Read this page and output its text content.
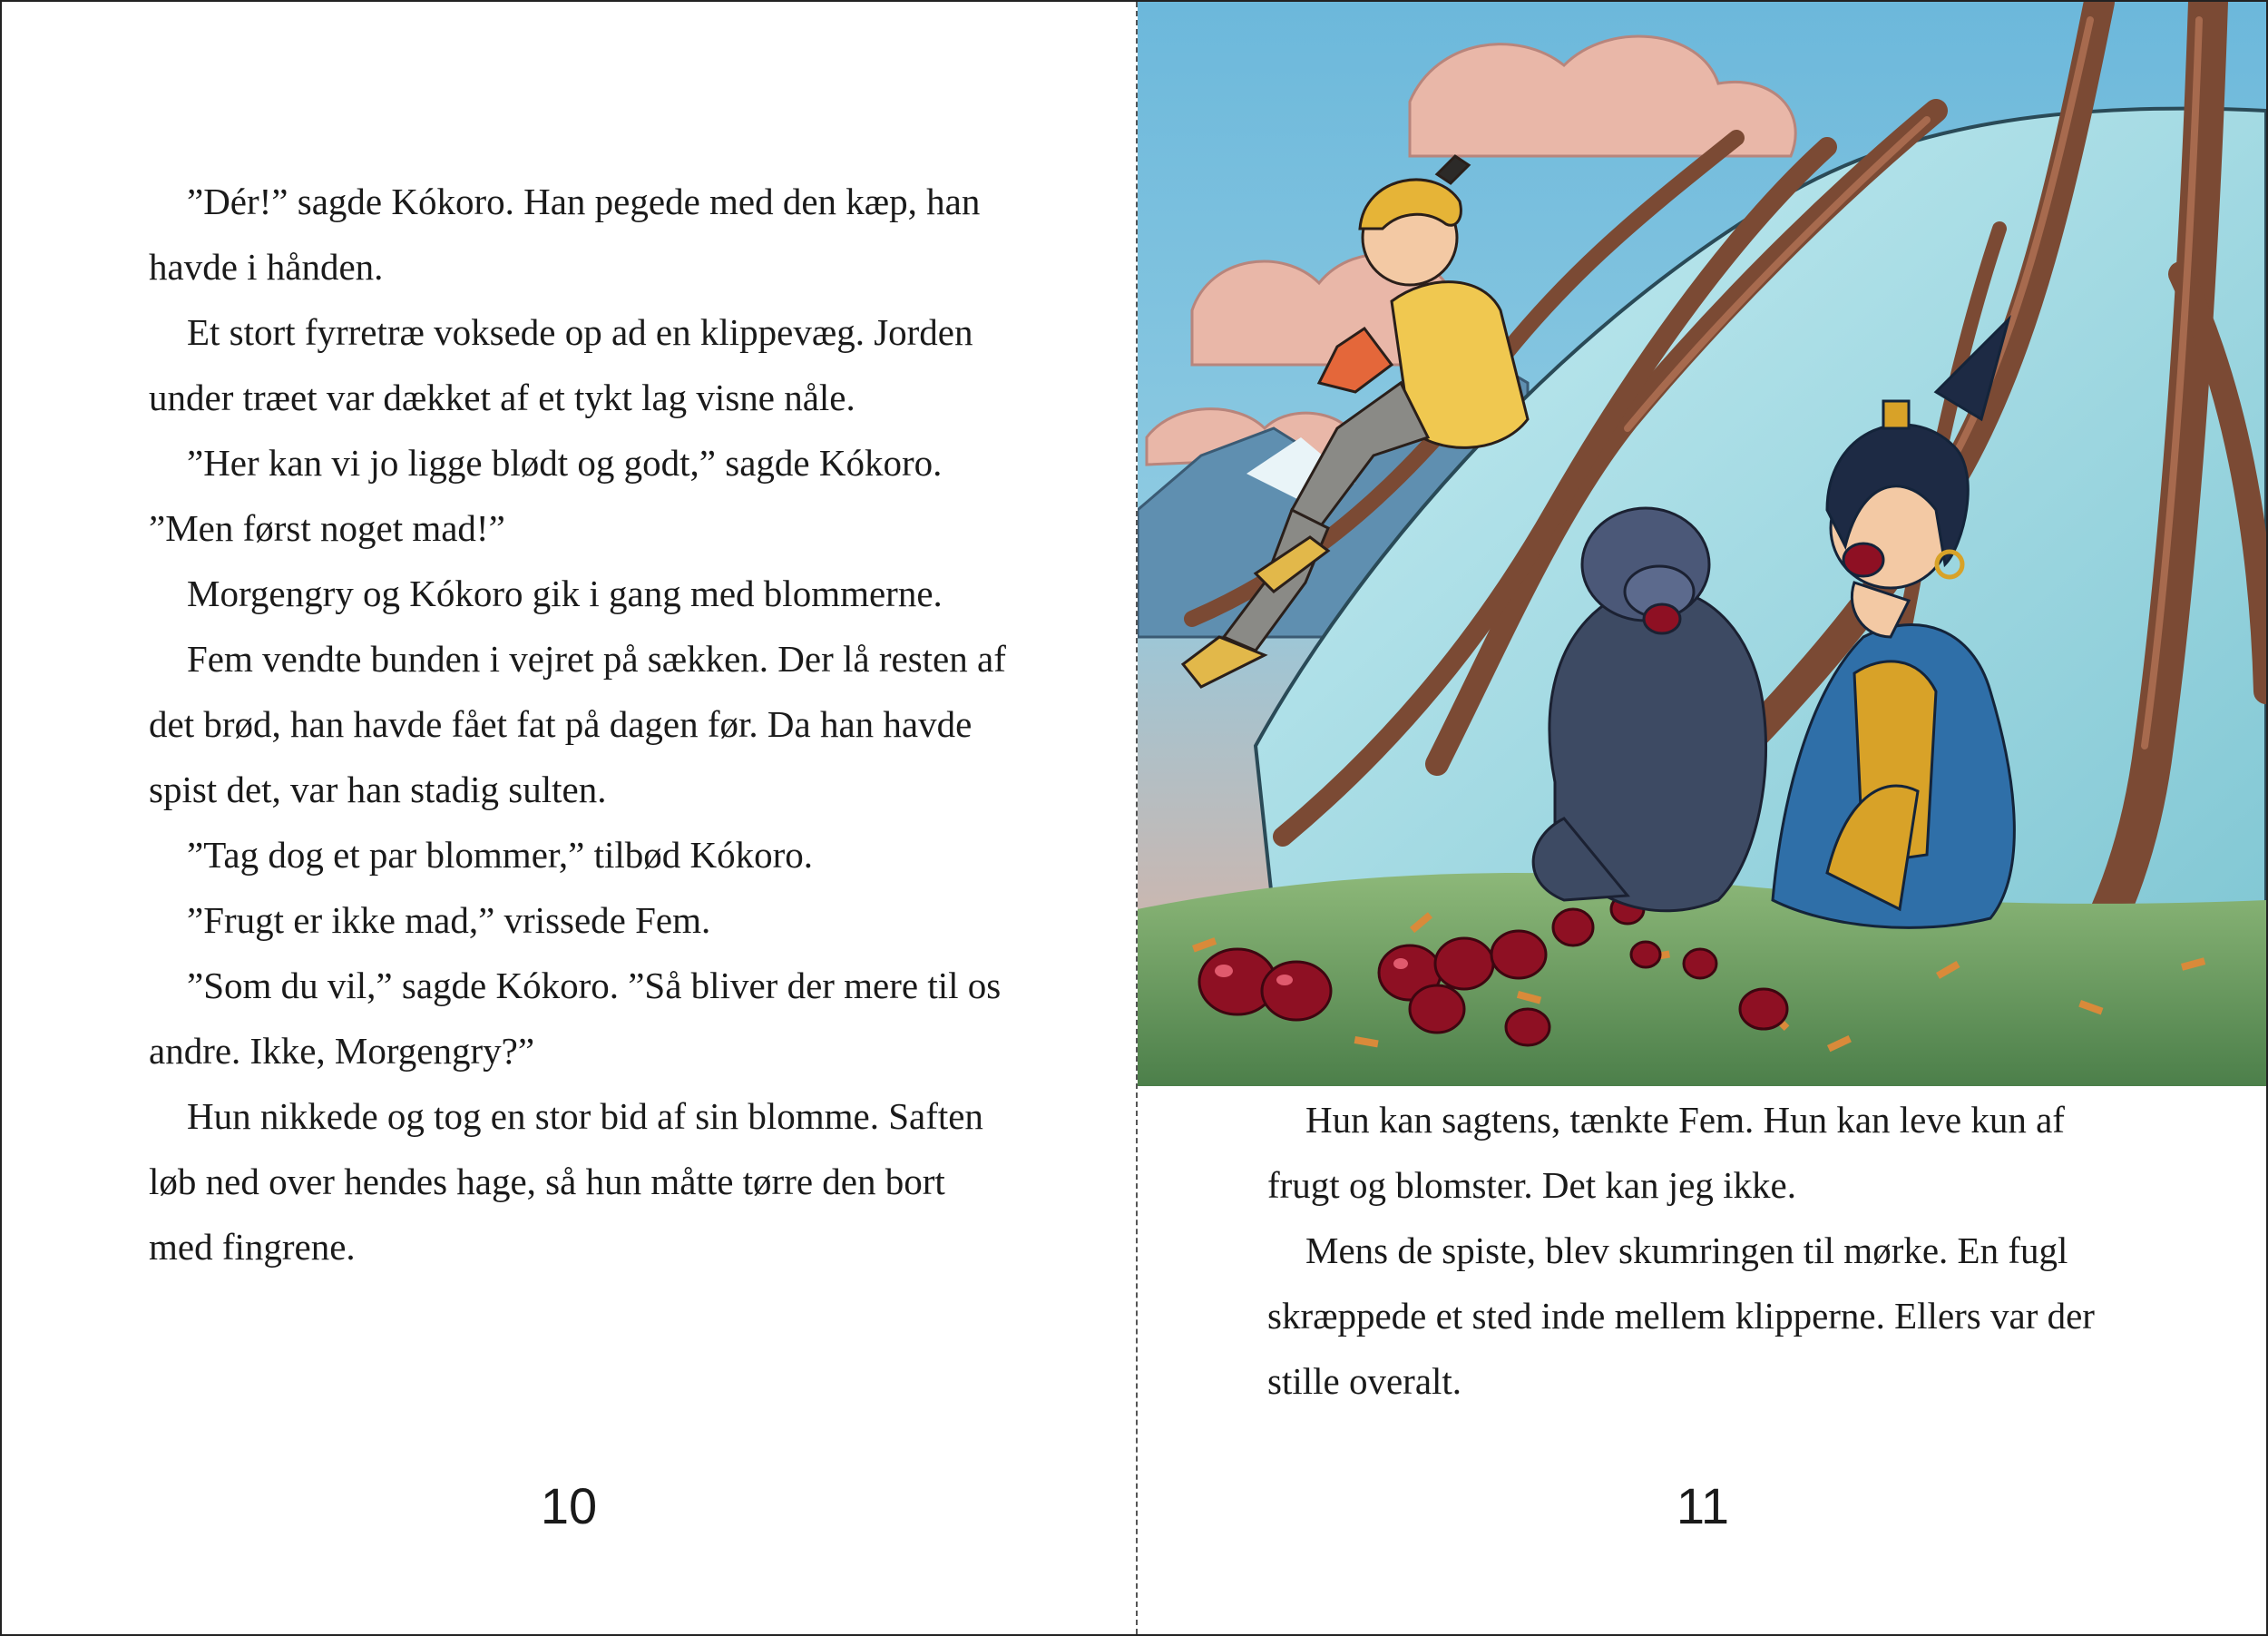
”Dér!” sagde Kókoro. Han pegede med den kæp, han havde i hånden.

Et stort fyrretræ voksede op ad en klippevæg. Jorden under træet var dækket af et tykt lag visne nåle.

”Her kan vi jo ligge blødt og godt,” sagde Kókoro. ”Men først noget mad!”

Morgengry og Kókoro gik i gang med blommerne.

Fem vendte bunden i vejret på sækken. Der lå resten af det brød, han havde fået fat på dagen før. Da han havde spist det, var han stadig sulten.

”Tag dog et par blommer,” tilbød Kókoro.

”Frugt er ikke mad,” vrissede Fem.

”Som du vil,” sagde Kókoro. ”Så bliver der mere til os andre. Ikke, Morgengry?”

Hun nikkede og tog en stor bid af sin blomme. Saften løb ned over hendes hage, så hun måtte tørre den bort med fingrene.

10

Hun kan sagtens, tænkte Fem. Hun kan leve kun af frugt og blomster. Det kan jeg ikke.

Mens de spiste, blev skumringen til mørke. En fugl skræppede et sted inde mellem klipperne. Ellers var der stille overalt.

11
